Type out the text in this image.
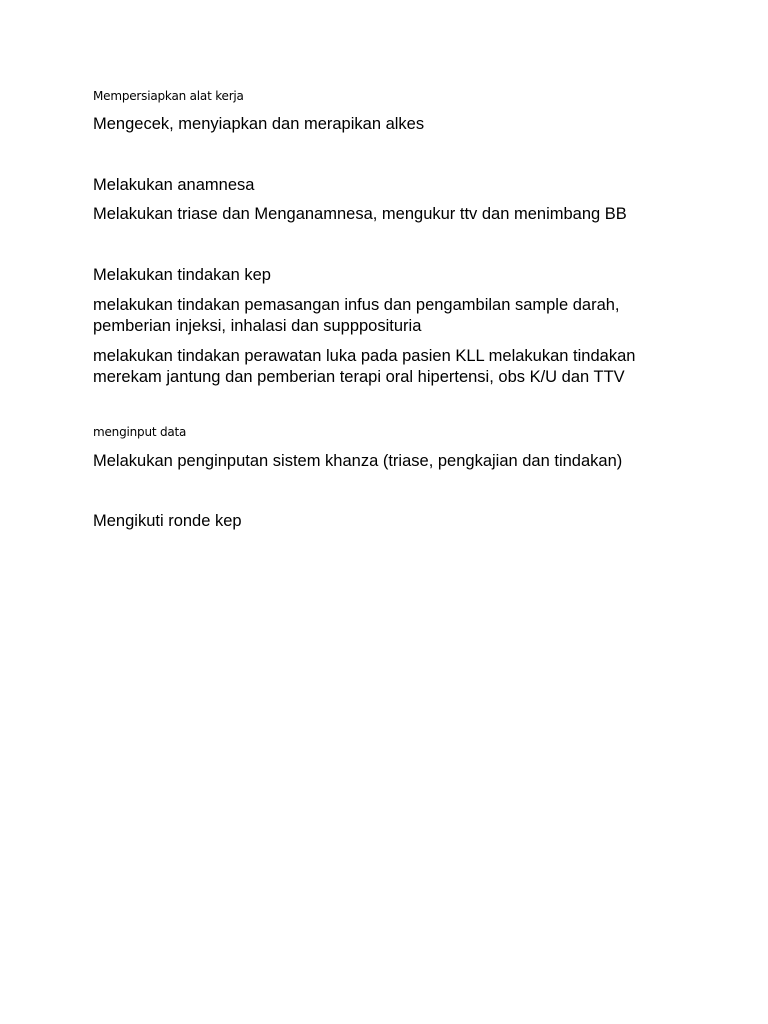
Mempersiapkan alat kerja

Mengecek, menyiapkan dan merapikan alkes

Melakukan anamnesa

Melakukan triase dan Menganamnesa, mengukur ttv dan menimbang BB

Melakukan tindakan kep

melakukan tindakan pemasangan infus dan pengambilan sample darah,
pemberian injeksi, inhalasi dan suppposituria
melakukan tindakan perawatan luka pada pasien KLL melakukan tindakan
merekam jantung dan pemberian terapi oral hipertensi, obs K/U dan TTV

menginput data

Melakukan penginputan sistem khanza (triase, pengkajian dan tindakan)

Mengikuti ronde kep
